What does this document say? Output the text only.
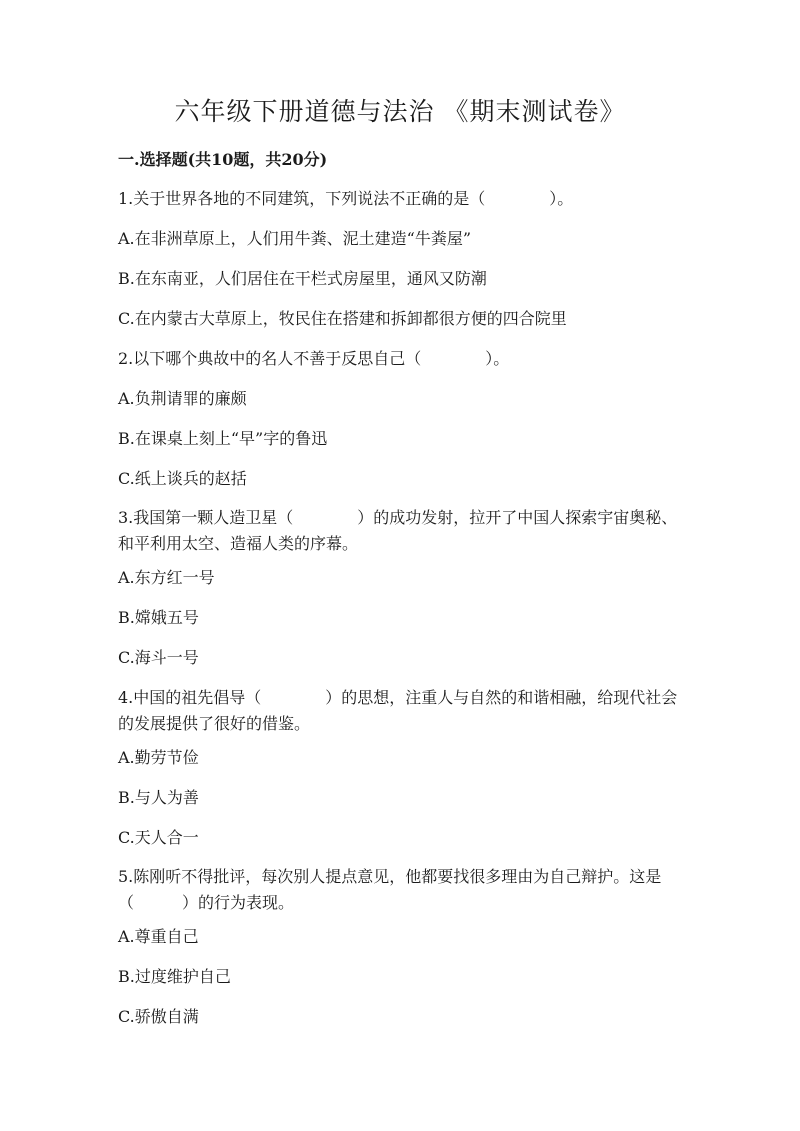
六年级下册道德与法治 《期末测试卷》
一.选择题(共10题，共20分)
1.关于世界各地的不同建筑，下列说法不正确的是（　　　　）。
A.在非洲草原上，人们用牛粪、泥土建造“牛粪屋”
B.在东南亚，人们居住在干栏式房屋里，通风又防潮
C.在内蒙古大草原上，牧民住在搭建和拆卸都很方便的四合院里
2.以下哪个典故中的名人不善于反思自己（　　　　）。
A.负荆请罪的廉颇
B.在课桌上刻上“早”字的鲁迅
C.纸上谈兵的赵括
3.我国第一颗人造卫星（　　　　）的成功发射，拉开了中国人探索宇宙奥秘、和平利用太空、造福人类的序幕。
A.东方红一号
B.嫦娥五号
C.海斗一号
4.中国的祖先倡导（　　　　）的思想，注重人与自然的和谐相融，给现代社会的发展提供了很好的借鉴。
A.勤劳节俭
B.与人为善
C.天人合一
5.陈刚听不得批评，每次别人提点意见，他都要找很多理由为自己辩护。这是（　　　）的行为表现。
A.尊重自己
B.过度维护自己
C.骄傲自满
